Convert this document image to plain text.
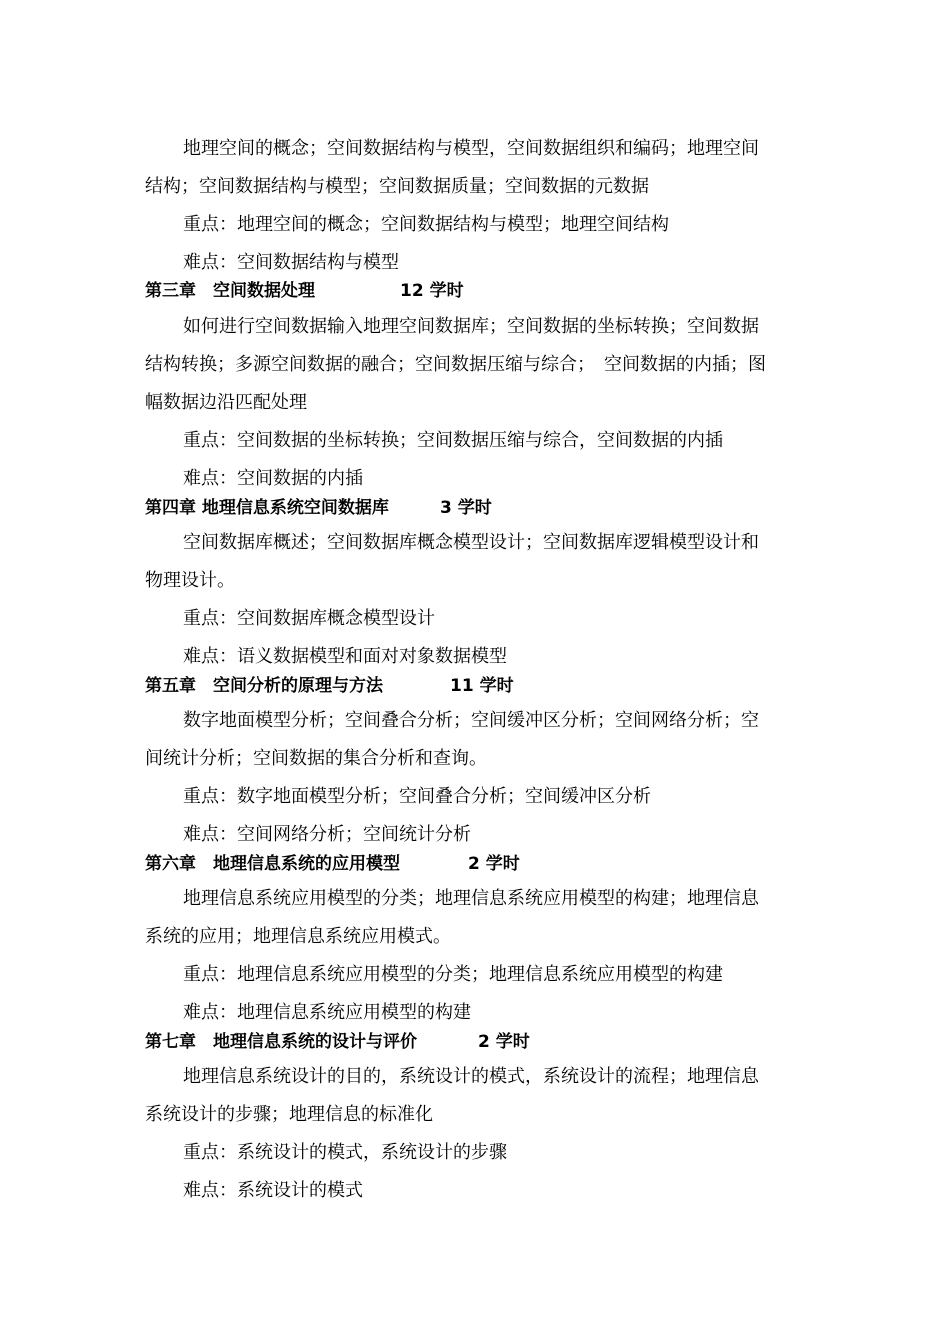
地理空间的概念；空间数据结构与模型，空间数据组织和编码；地理空间
结构；空间数据结构与模型；空间数据质量；空间数据的元数据
重点：地理空间的概念；空间数据结构与模型；地理空间结构
难点：空间数据结构与模型
第三章　空间数据处理	12 学时
如何进行空间数据输入地理空间数据库；空间数据的坐标转换；空间数据
结构转换；多源空间数据的融合；空间数据压缩与综合；　空间数据的内插；图
幅数据边沿匹配处理
重点：空间数据的坐标转换；空间数据压缩与综合，空间数据的内插
难点：空间数据的内插
第四章 地理信息系统空间数据库	3 学时
空间数据库概述；空间数据库概念模型设计；空间数据库逻辑模型设计和
物理设计。
重点：空间数据库概念模型设计
难点：语义数据模型和面对对象数据模型
第五章　空间分析的原理与方法	11 学时
数字地面模型分析；空间叠合分析；空间缓冲区分析；空间网络分析；空
间统计分析；空间数据的集合分析和查询。
重点：数字地面模型分析；空间叠合分析；空间缓冲区分析
难点：空间网络分析；空间统计分析
第六章　地理信息系统的应用模型	2 学时
地理信息系统应用模型的分类；地理信息系统应用模型的构建；地理信息
系统的应用；地理信息系统应用模式。
重点：地理信息系统应用模型的分类；地理信息系统应用模型的构建
难点：地理信息系统应用模型的构建
第七章　地理信息系统的设计与评价	2 学时
地理信息系统设计的目的，系统设计的模式，系统设计的流程；地理信息
系统设计的步骤；地理信息的标准化
重点：系统设计的模式，系统设计的步骤
难点：系统设计的模式
